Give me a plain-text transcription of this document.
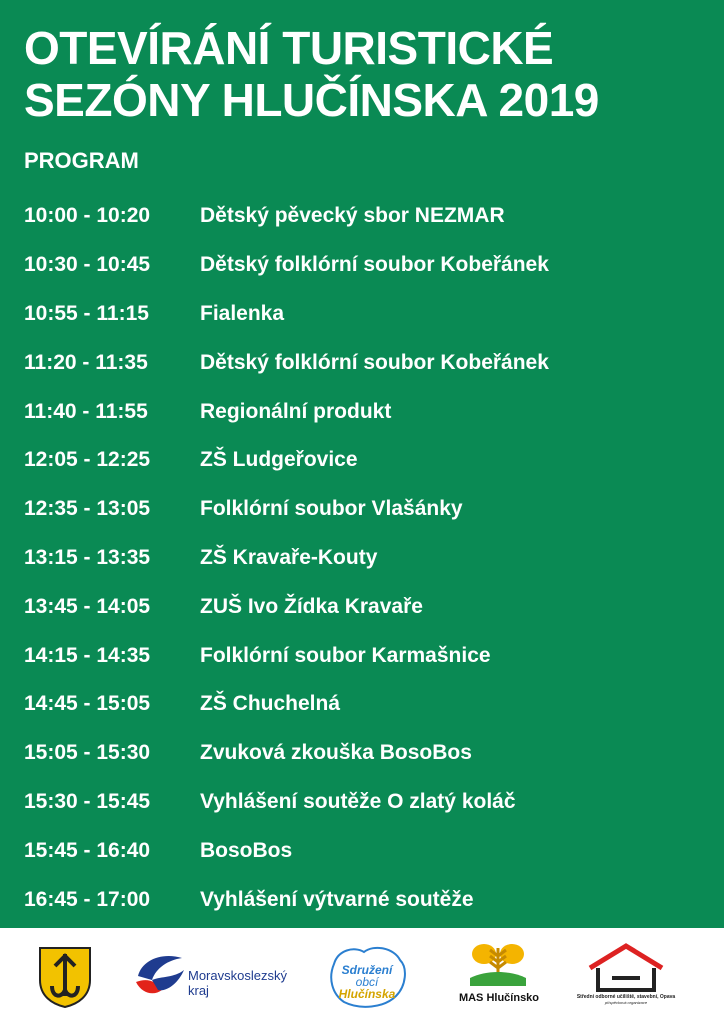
OTEVÍRÁNÍ TURISTICKÉ
SEZÓNY HLUČÍNSKA 2019
PROGRAM
10:00 - 10:20	Dětský pěvecký sbor NEZMAR
10:30 - 10:45	Dětský folklórní soubor Kobeřánek
10:55 - 11:15	Fialenka
11:20 - 11:35	Dětský folklórní soubor Kobeřánek
11:40 - 11:55	Regionální produkt
12:05 - 12:25	ZŠ Ludgeřovice
12:35 - 13:05	Folklórní soubor Vlašánky
13:15 - 13:35	ZŠ Kravaře-Kouty
13:45 - 14:05	ZUŠ Ivo Žídka Kravaře
14:15 - 14:35	Folklórní soubor Karmašnice
14:45 - 15:05	ZŠ Chuchelná
15:05 - 15:30	Zvuková zkouška BosoBos
15:30 - 15:45	Vyhlášení soutěže O zlatý koláč
15:45 - 16:40	BosoBos
16:45 - 17:00	Vyhlášení výtvarné soutěže
Moravskoslezský
kraj
Sdružení
obcí
Hlučínska	MAS Hlučínsko	Střední odborné učiliště, stavební, Opava
příspěvková organizace
